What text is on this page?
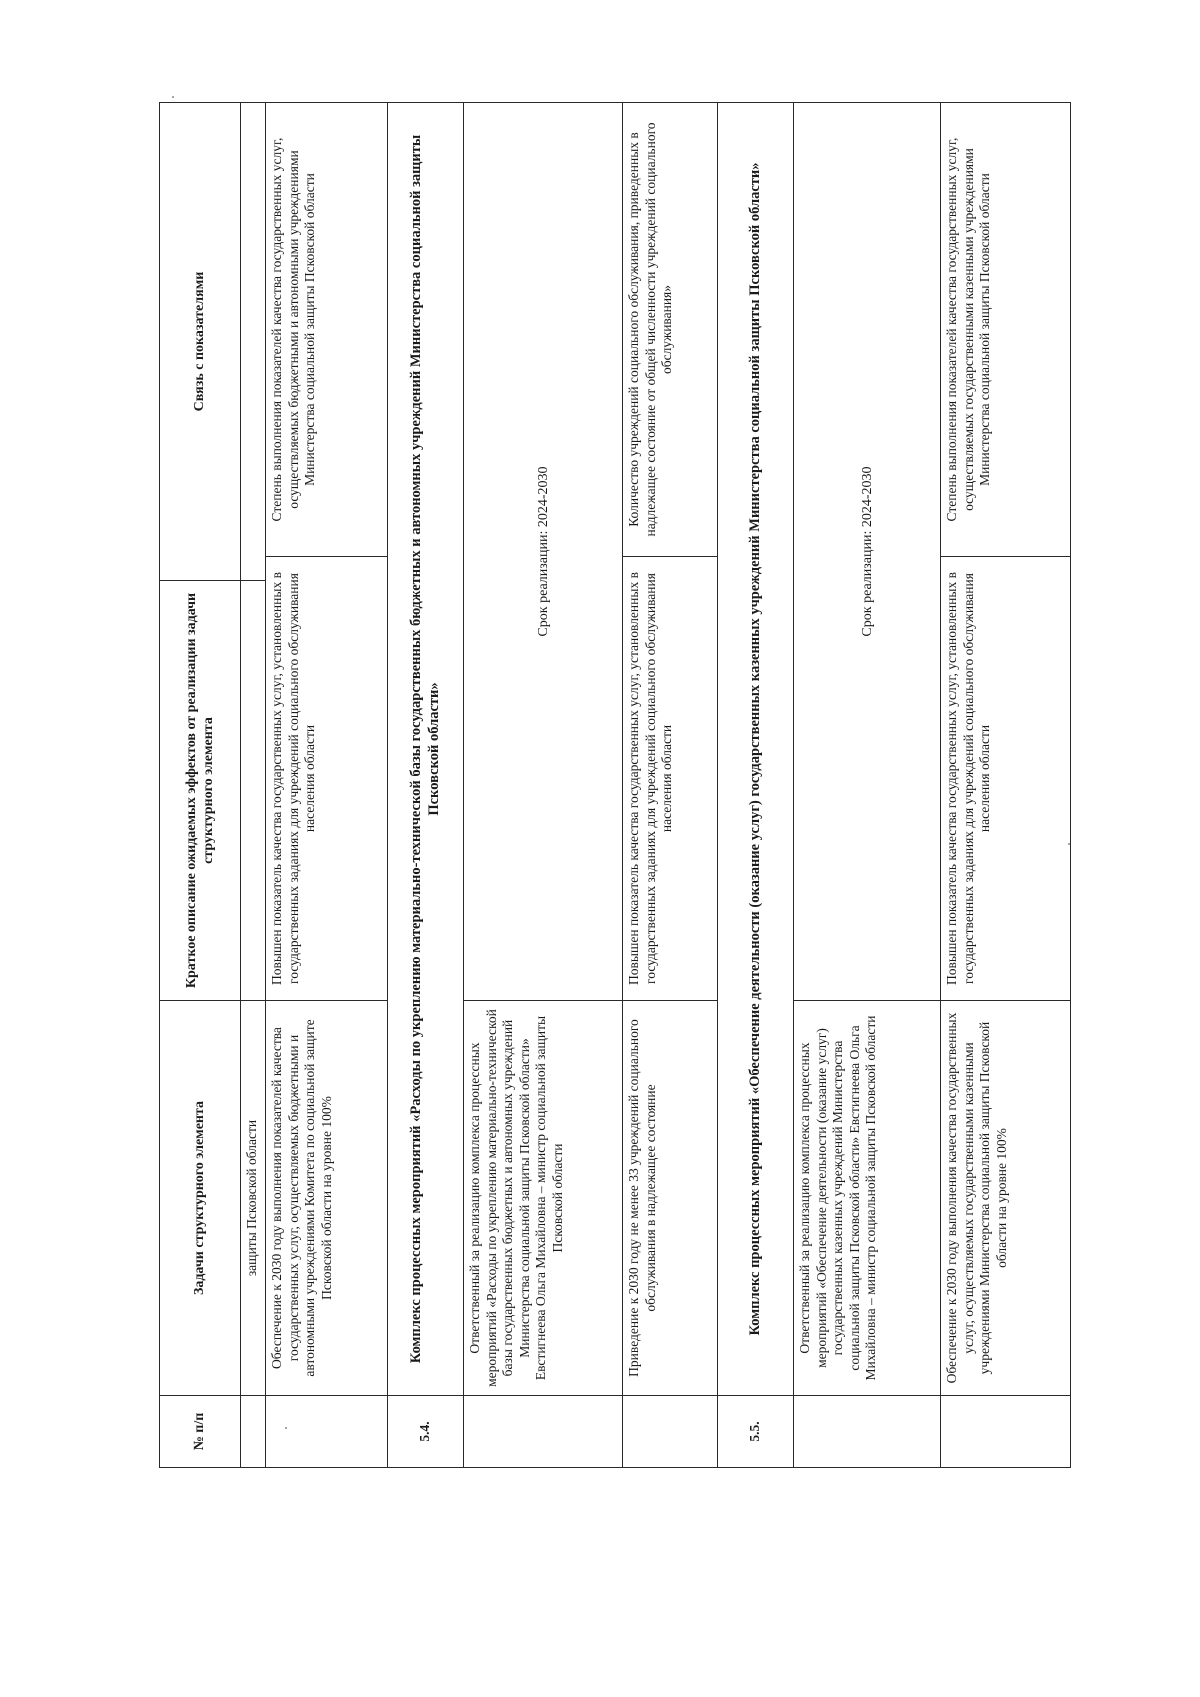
№ п/п	Задачи структурного элемента	Краткое описание ожидаемых эффектов от реализации задачи структурного элемента	Связь с показателями	
	защиты Псковской области			
	Обеспечение к 2030 году выполнения показателей качества государственных услуг, осуществляемых бюджетными и автономными учреждениями Комитета по социальной защите Псковской области на уровне 100%	Повышен показатель качества государственных услуг, установленных в государственных заданиях для учреждений социального обслуживания населения области		Степень выполнения показателей качества государственных услуг, осуществляемых бюджетными и автономными учреждениями Министерства социальной защиты Псковской области
5.4.	Комплекс процессных мероприятий «Расходы по укреплению материально-технической базы государственных бюджетных и автономных учреждений Министерства социальной защиты Псковской области»			
	Ответственный за реализацию комплекса процессных мероприятий «Расходы по укреплению материально-технической базы государственных бюджетных и автономных учреждений Министерства социальной защиты Псковской области» Евстигнеева Ольга Михайловна – министр социальной защиты Псковской области	Срок реализации: 2024-2030		
	Приведение к 2030 году не менее 33 учреждений социального обслуживания в надлежащее состояние	Повышен показатель качества государственных услуг, установленных в государственных заданиях для учреждений социального обслуживания населения области		Количество учреждений социального обслуживания, приведенных в надлежащее состояние от общей численности учреждений социального обслуживания»
5.5.	Комплекс процессных мероприятий «Обеспечение деятельности (оказание услуг) государственных казенных учреждений Министерства социальной защиты Псковской области»			
	Ответственный за реализацию комплекса процессных мероприятий «Обеспечение деятельности (оказание услуг) государственных казенных учреждений Министерства социальной защиты Псковской области» Евстигнеева Ольга Михайловна – министр социальной защиты Псковской области	Срок реализации: 2024-2030		
	Обеспечение к 2030 году выполнения качества государственных услуг, осуществляемых государственными казенными учреждениями Министерства социальной защиты Псковской области на уровне 100%	Повышен показатель качества государственных услуг, установленных в государственных заданиях для учреждений социального обслуживания населения области		Степень выполнения показателей качества государственных услуг, осуществляемых государственными казенными учреждениями Министерства социальной защиты Псковской области
